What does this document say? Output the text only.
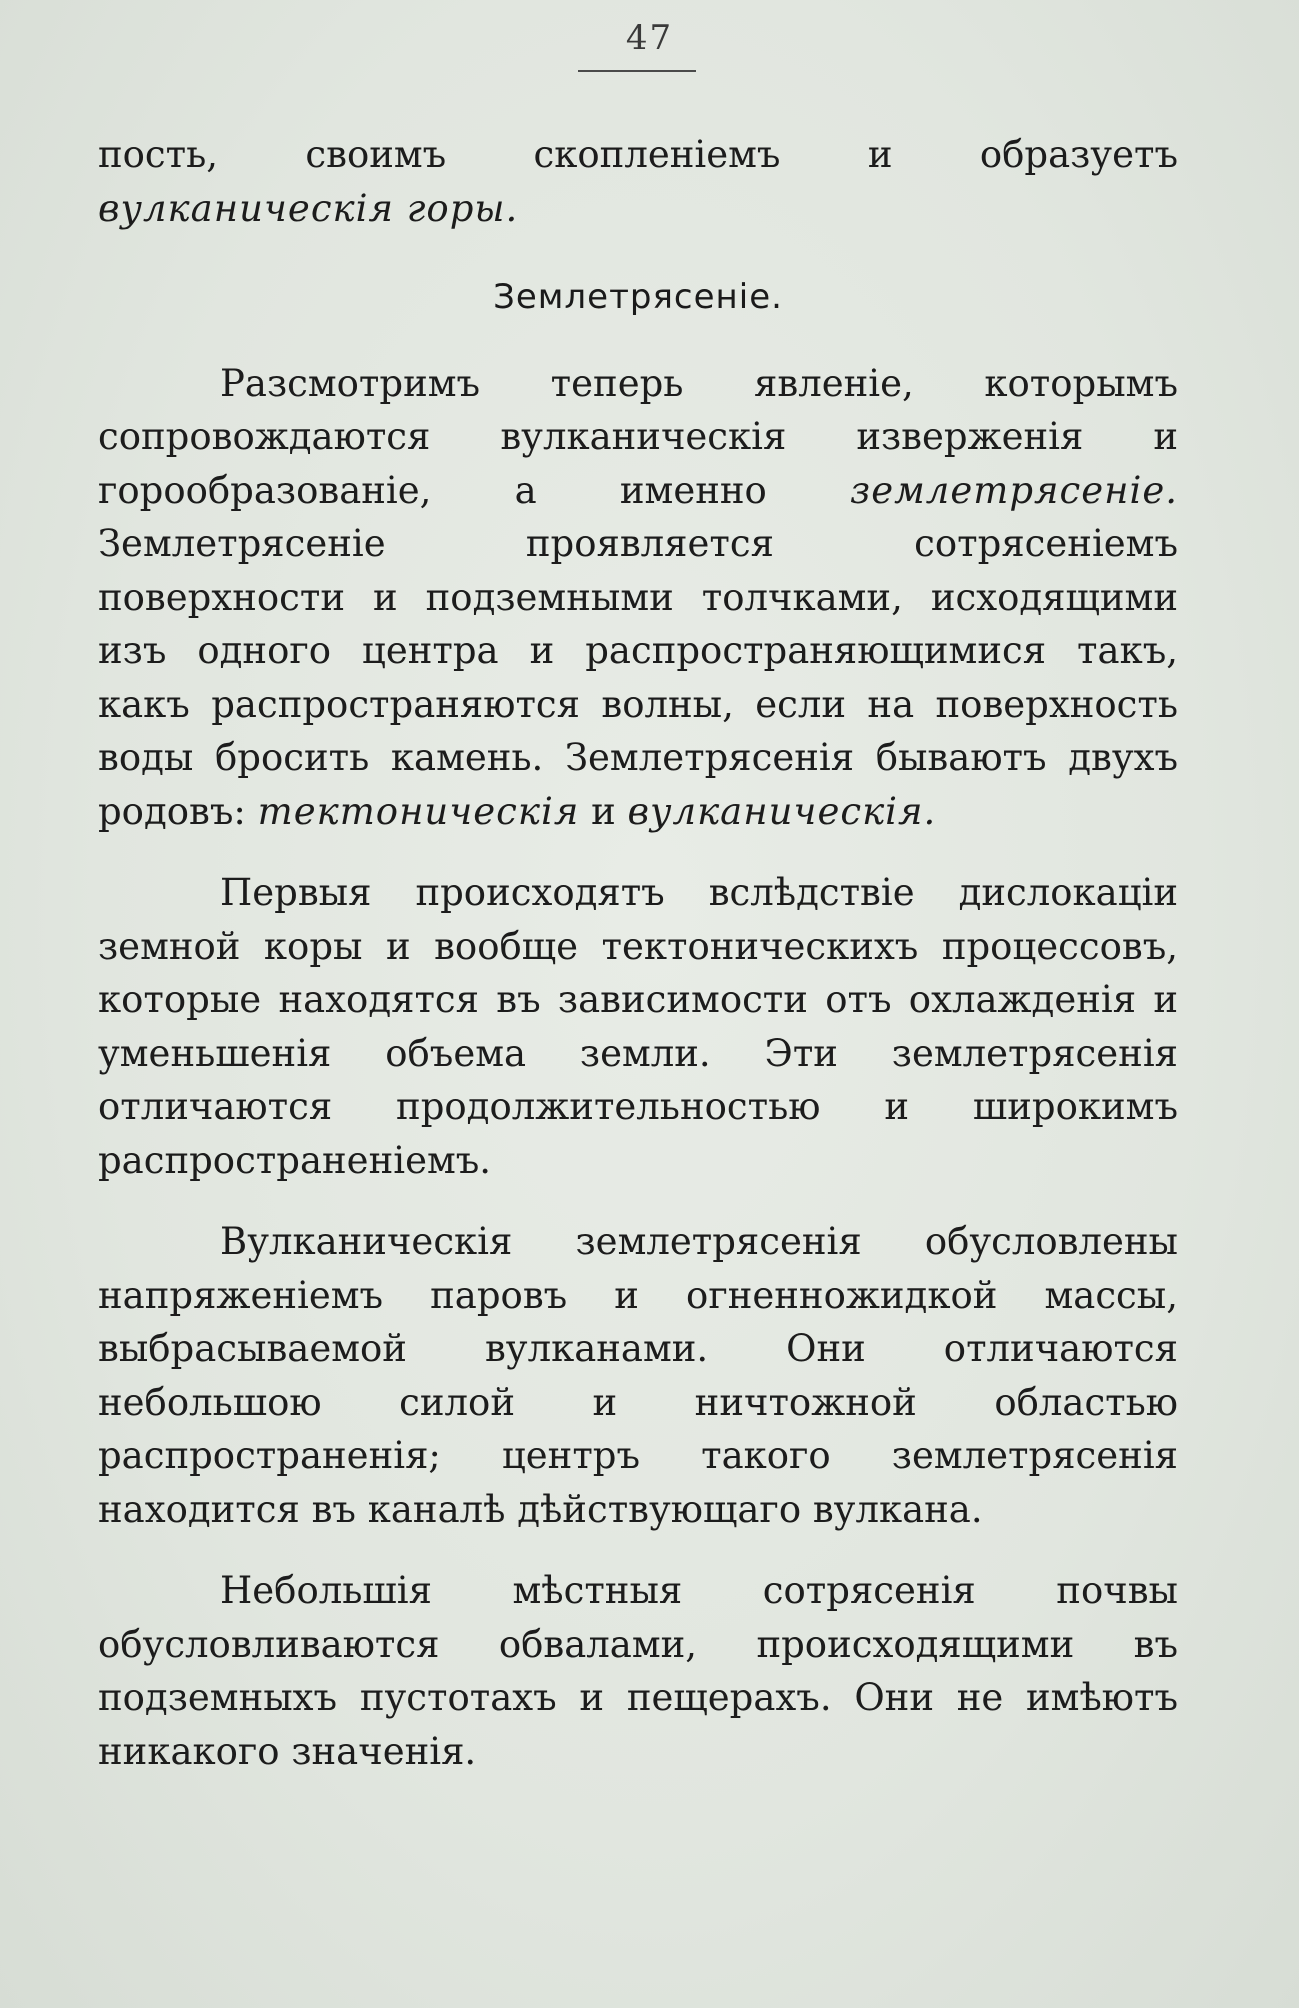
47

пость, своимъ скопленіемъ и образуетъ вулканическія горы.

Землетрясеніе.

Разсмотримъ теперь явленіе, которымъ сопровождаются вулканическія изверженія и горообразованіе, а именно землетрясеніе. Землетрясеніе проявляется сотрясеніемъ поверхности и подземными толчками, исходящими изъ одного центра и распространяющимися такъ, какъ распространяются волны, если на поверхность воды бросить камень. Землетрясенія бываютъ двухъ родовъ: тектоническія и вулканическія.

Первыя происходятъ вслѣдствіе дислокаціи земной коры и вообще тектоническихъ процессовъ, которые находятся въ зависимости отъ охлажденія и уменьшенія объема земли. Эти землетрясенія отличаются продолжительностью и широкимъ распространеніемъ.

Вулканическія землетрясенія обусловлены напряженіемъ паровъ и огненножидкой массы, выбрасываемой вулканами. Они отличаются небольшою силой и ничтожной областью распространенія; центръ такого землетрясенія находится въ каналѣ дѣйствующаго вулкана.

Небольшія мѣстныя сотрясенія почвы обусловливаются обвалами, происходящими въ подземныхъ пустотахъ и пещерахъ. Они не имѣютъ никакого значенія.
